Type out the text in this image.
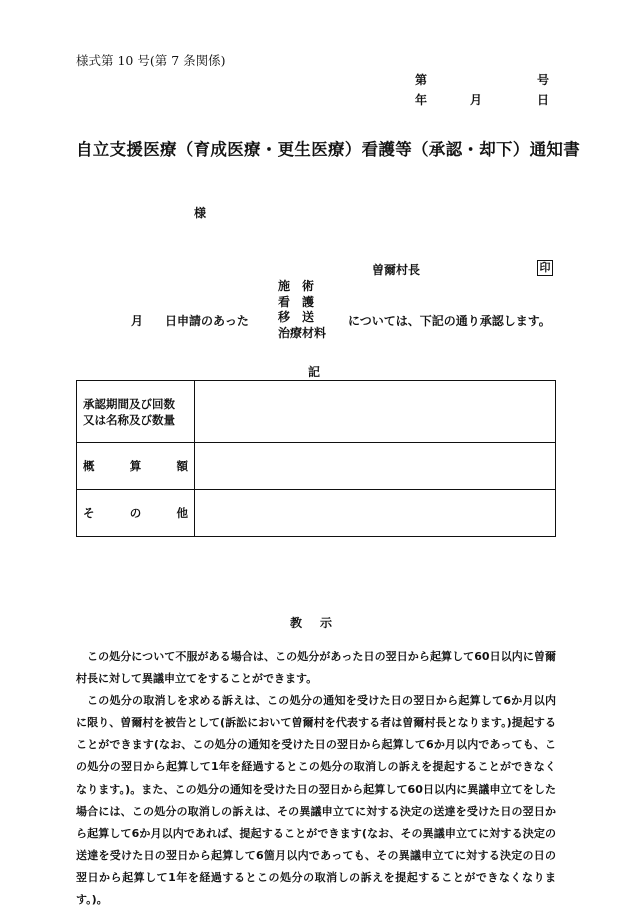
様式第 10 号(第 7 条関係)
第	号
年	月	日
自立支援医療（育成医療・更生医療）看護等（承認・却下）通知書
様
曽爾村長	印
月 日申請のあった
施　術
看　護
移　送
治療材料
については、下記の通り承認します。
記
承認期間及び回数
又は名称及び数量	

概 算 額	

そ の 他	

教示

この処分について不服がある場合は、この処分があった日の翌日から起算して60日以内に曽爾村長に対して異議申立てをすることができます。

この処分の取消しを求める訴えは、この処分の通知を受けた日の翌日から起算して6か月以内に限り、曽爾村を被告として(訴訟において曽爾村を代表する者は曽爾村長となります。)提起することができます(なお、この処分の通知を受けた日の翌日から起算して6か月以内であっても、この処分の翌日から起算して1年を経過するとこの処分の取消しの訴えを提起することができなくなります。)。また、この処分の通知を受けた日の翌日から起算して60日以内に異議申立てをした場合には、この処分の取消しの訴えは、その異議申立てに対する決定の送達を受けた日の翌日から起算して6か月以内であれば、提起することができます(なお、その異議申立てに対する決定の送達を受けた日の翌日から起算して6箇月以内であっても、その異議申立てに対する決定の日の翌日から起算して1年を経過するとこの処分の取消しの訴えを提起することができなくなります。)。
